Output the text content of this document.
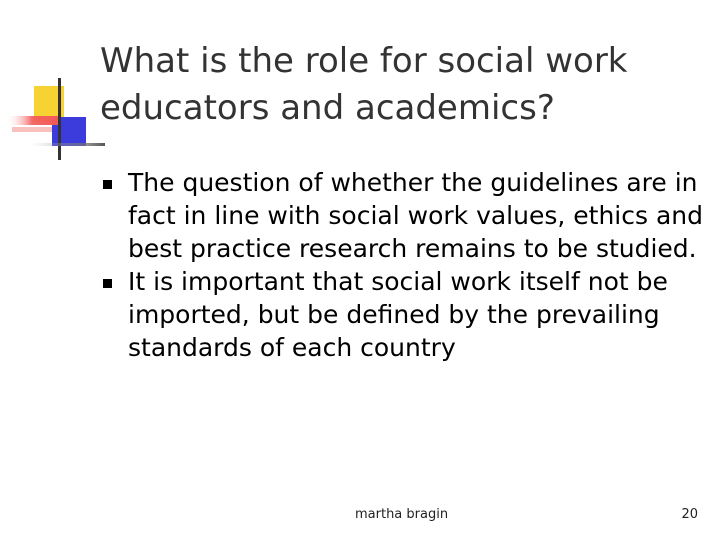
What is the role for social work educators and academics?
The question of whether the guidelines are in fact in line with social work values, ethics and best practice research remains to be studied.
It is important that social work itself not be imported, but be defined by the prevailing standards of each country
martha bragin	20
